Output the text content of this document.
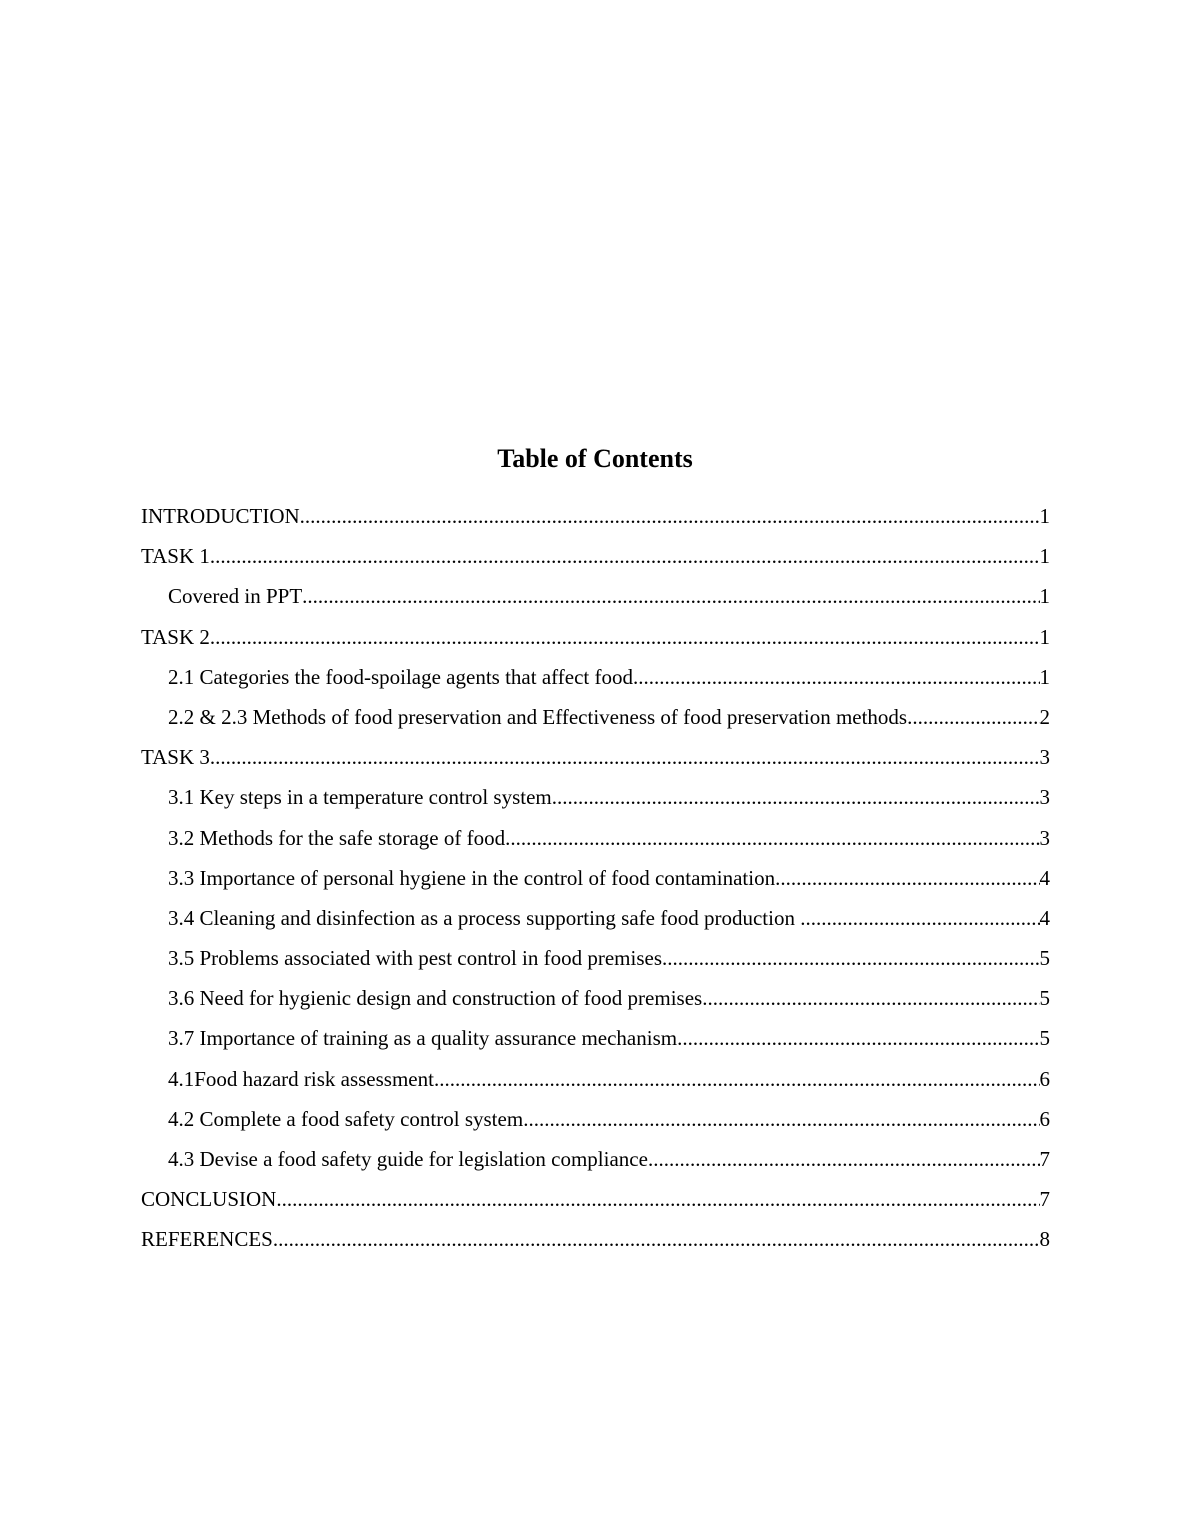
Table of Contents
INTRODUCTION .....	1
TASK 1 .....	1
Covered in PPT .....	1
TASK 2 .....	1
2.1 Categories the food-spoilage agents that affect food .....	1
2.2 & 2.3 Methods of food preservation and Effectiveness of food preservation methods .....	2
TASK 3 .....	3
3.1 Key steps in a temperature control system .....	3
3.2 Methods for the safe storage of food .....	3
3.3 Importance of personal hygiene in the control of food contamination .....	4
3.4 Cleaning and disinfection as a process supporting safe food production .....	4
3.5 Problems associated with pest control in food premises .....	5
3.6 Need for hygienic design and construction of food premises .....	5
3.7 Importance of training as a quality assurance mechanism .....	5
4.1Food hazard risk assessment .....	6
4.2 Complete a food safety control system .....	6
4.3 Devise a food safety guide for legislation compliance .....	7
CONCLUSION .....	7
REFERENCES .....	8
